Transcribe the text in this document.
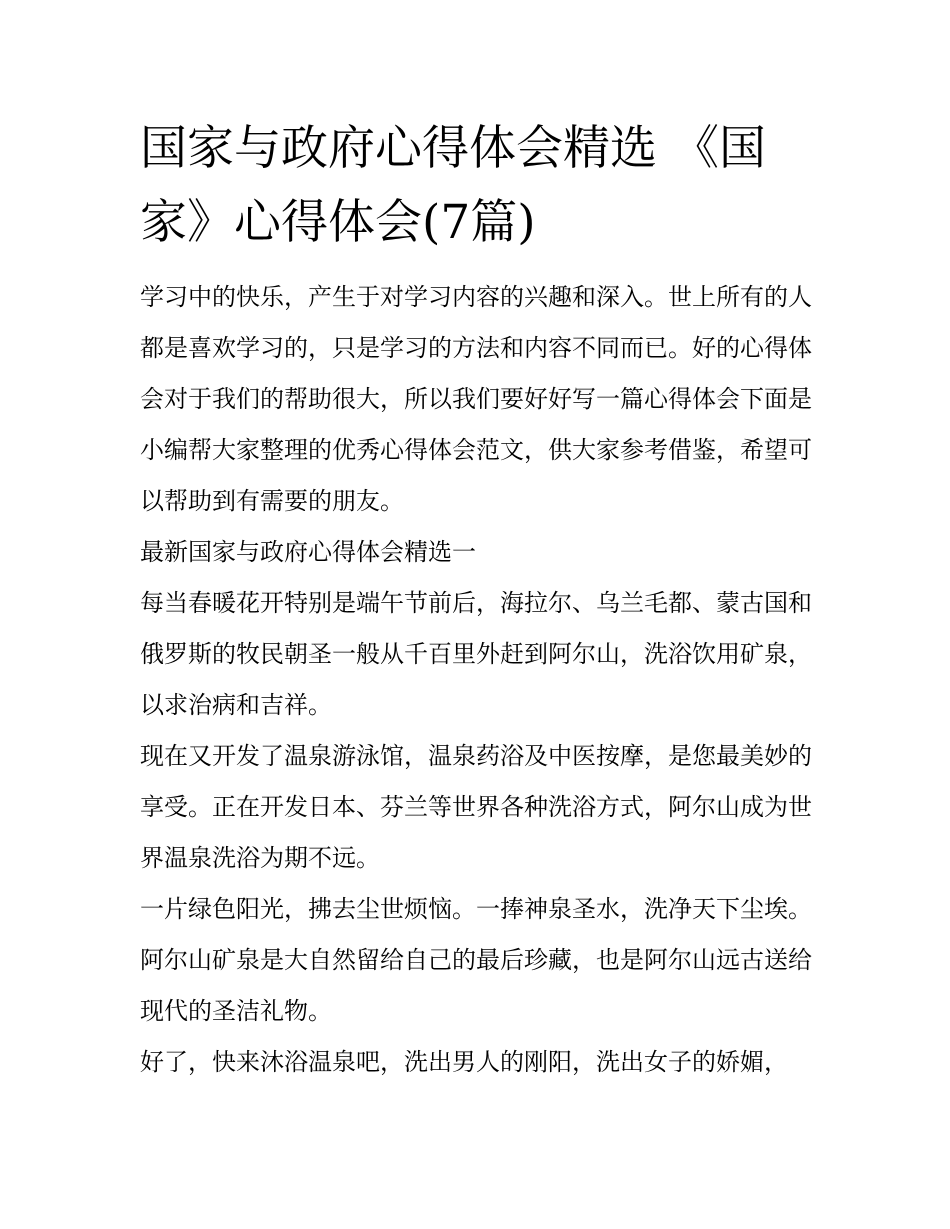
国家与政府心得体会精选 《国家》心得体会(7篇)

学习中的快乐，产生于对学习内容的兴趣和深入。世上所有的人都是喜欢学习的，只是学习的方法和内容不同而已。好的心得体会对于我们的帮助很大，所以我们要好好写一篇心得体会下面是小编帮大家整理的优秀心得体会范文，供大家参考借鉴，希望可以帮助到有需要的朋友。

最新国家与政府心得体会精选一

每当春暖花开特别是端午节前后，海拉尔、乌兰毛都、蒙古国和俄罗斯的牧民朝圣一般从千百里外赶到阿尔山，洗浴饮用矿泉，以求治病和吉祥。

现在又开发了温泉游泳馆，温泉药浴及中医按摩，是您最美妙的享受。正在开发日本、芬兰等世界各种洗浴方式，阿尔山成为世界温泉洗浴为期不远。

一片绿色阳光，拂去尘世烦恼。一捧神泉圣水，洗净天下尘埃。阿尔山矿泉是大自然留给自己的最后珍藏，也是阿尔山远古送给现代的圣洁礼物。

好了，快来沐浴温泉吧，洗出男人的刚阳，洗出女子的娇媚，
